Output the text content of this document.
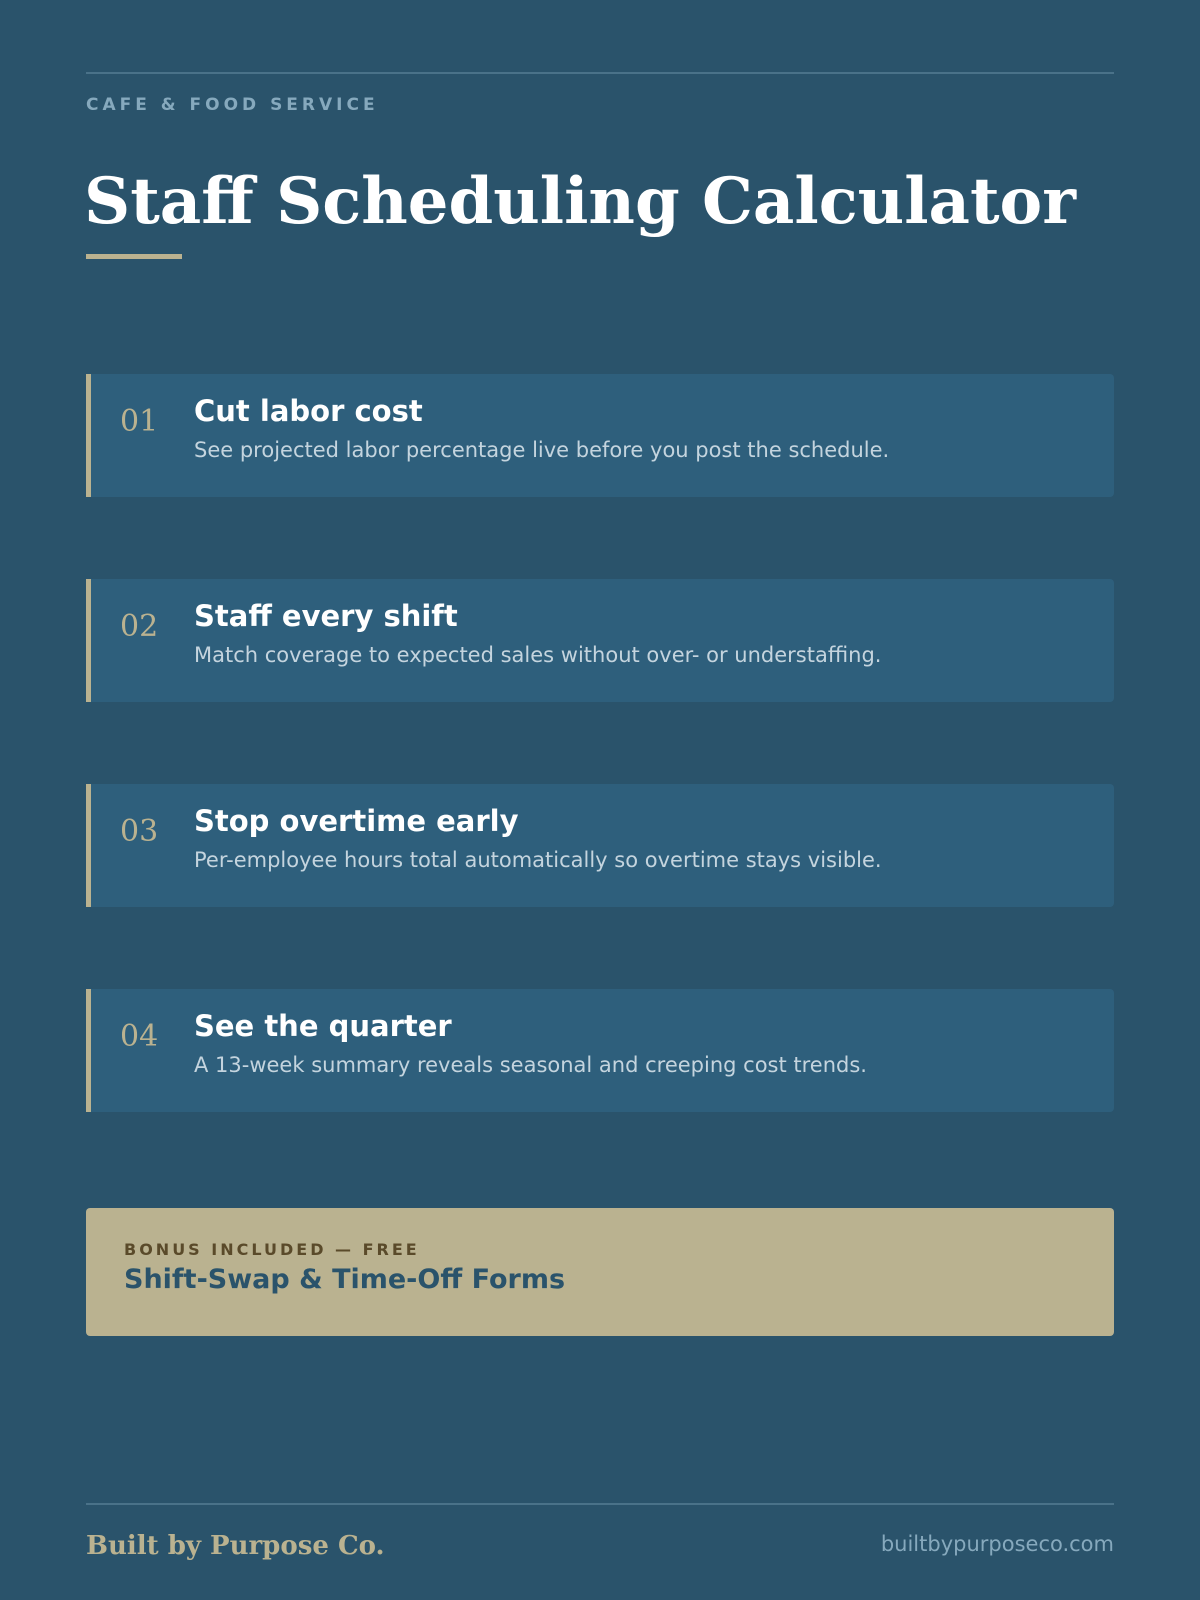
CAFE & FOOD SERVICE
Staff Scheduling Calculator
01 Cut labor cost
See projected labor percentage live before you post the schedule.
02 Staff every shift
Match coverage to expected sales without over- or understaffing.
03 Stop overtime early
Per-employee hours total automatically so overtime stays visible.
04 See the quarter
A 13-week summary reveals seasonal and creeping cost trends.
BONUS INCLUDED — FREE
Shift-Swap & Time-Off Forms
Built by Purpose Co.	builtbypurposeco.com
